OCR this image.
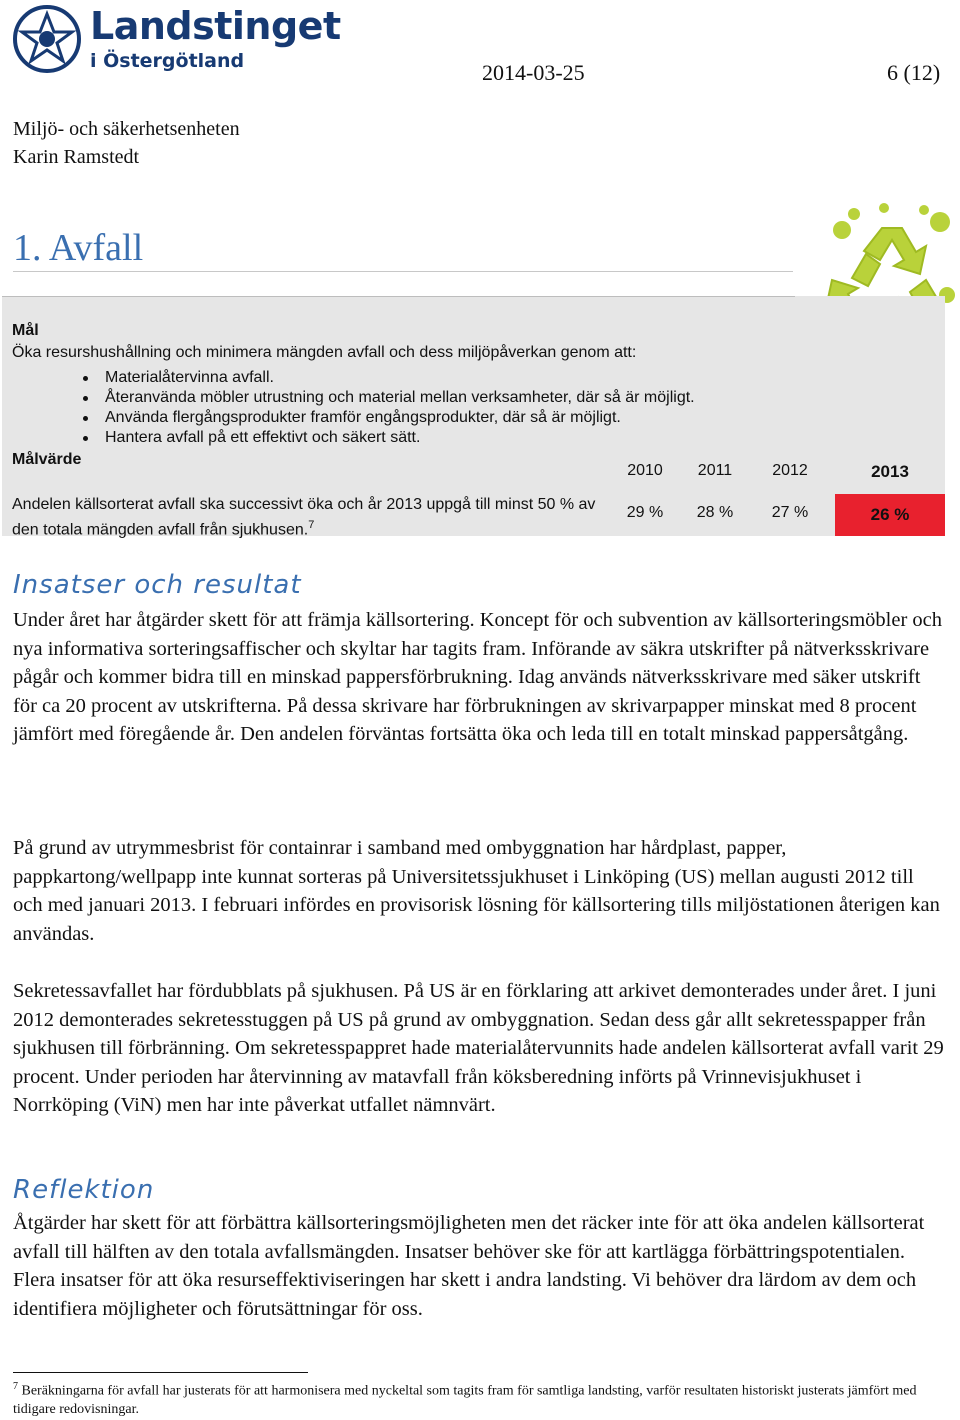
Landstinget
i Östergötland	2014-03-25	6 (12)
Miljö- och säkerhetsenheten
Karin Ramstedt
1. Avfall
Mål
Öka resurshushållning och minimera mängden avfall och dess miljöpåverkan genom att:
Materialåtervinna avfall.
Återanvända möbler utrustning och material mellan verksamheter, där så är möjligt.
Använda flergångsprodukter framför engångsprodukter, där så är möjligt.
Hantera avfall på ett effektivt och säkert sätt.
Målvärde
Andelen källsorterat avfall ska successivt öka och år 2013 uppgå till minst 50 % av den totala mängden avfall från sjukhusen.$^7$
2010	2011	2012	2013
29 %	28 %	27 %	26 %
Insatser och resultat

Under året har åtgärder skett för att främja källsortering. Koncept för och subvention av källsorteringsmöbler och nya informativa sorteringsaffischer och skyltar har tagits fram. Införande av säkra utskrifter på nätverksskrivare pågår och kommer bidra till en minskad pappersförbrukning. Idag används nätverksskrivare med säker utskrift för ca 20 procent av utskrifterna. På dessa skrivare har förbrukningen av skrivarpapper minskat med 8 procent jämfört med föregående år. Den andelen förväntas fortsätta öka och leda till en totalt minskad pappersåtgång.

På grund av utrymmesbrist för containrar i samband med ombyggnation har hårdplast, papper, pappkartong/wellpapp inte kunnat sorteras på Universitetssjukhuset i Linköping (US) mellan augusti 2012 till och med januari 2013. I februari infördes en provisorisk lösning för källsortering tills miljöstationen återigen kan användas.

Sekretessavfallet har fördubblats på sjukhusen. På US är en förklaring att arkivet demonterades under året. I juni 2012 demonterades sekretesstuggen på US på grund av ombyggnation. Sedan dess går allt sekretesspapper från sjukhusen till förbränning. Om sekretesspappret hade materialåtervunnits hade andelen källsorterat avfall varit 29 procent. Under perioden har återvinning av matavfall från köksberedning införts på Vrinnevisjukhuset i Norrköping (ViN) men har inte påverkat utfallet nämnvärt.

Reflektion

Åtgärder har skett för att förbättra källsorteringsmöjligheten men det räcker inte för att öka andelen källsorterat avfall till hälften av den totala avfallsmängden. Insatser behöver ske för att kartlägga förbättringspotentialen. Flera insatser för att öka resurseffektiviseringen har skett i andra landsting. Vi behöver dra lärdom av dem och identifiera möjligheter och förutsättningar för oss.

$^7$ Beräkningarna för avfall har justerats för att harmonisera med nyckeltal som tagits fram för samtliga landsting, varför resultaten historiskt justerats jämfört med tidigare redovisningar.
